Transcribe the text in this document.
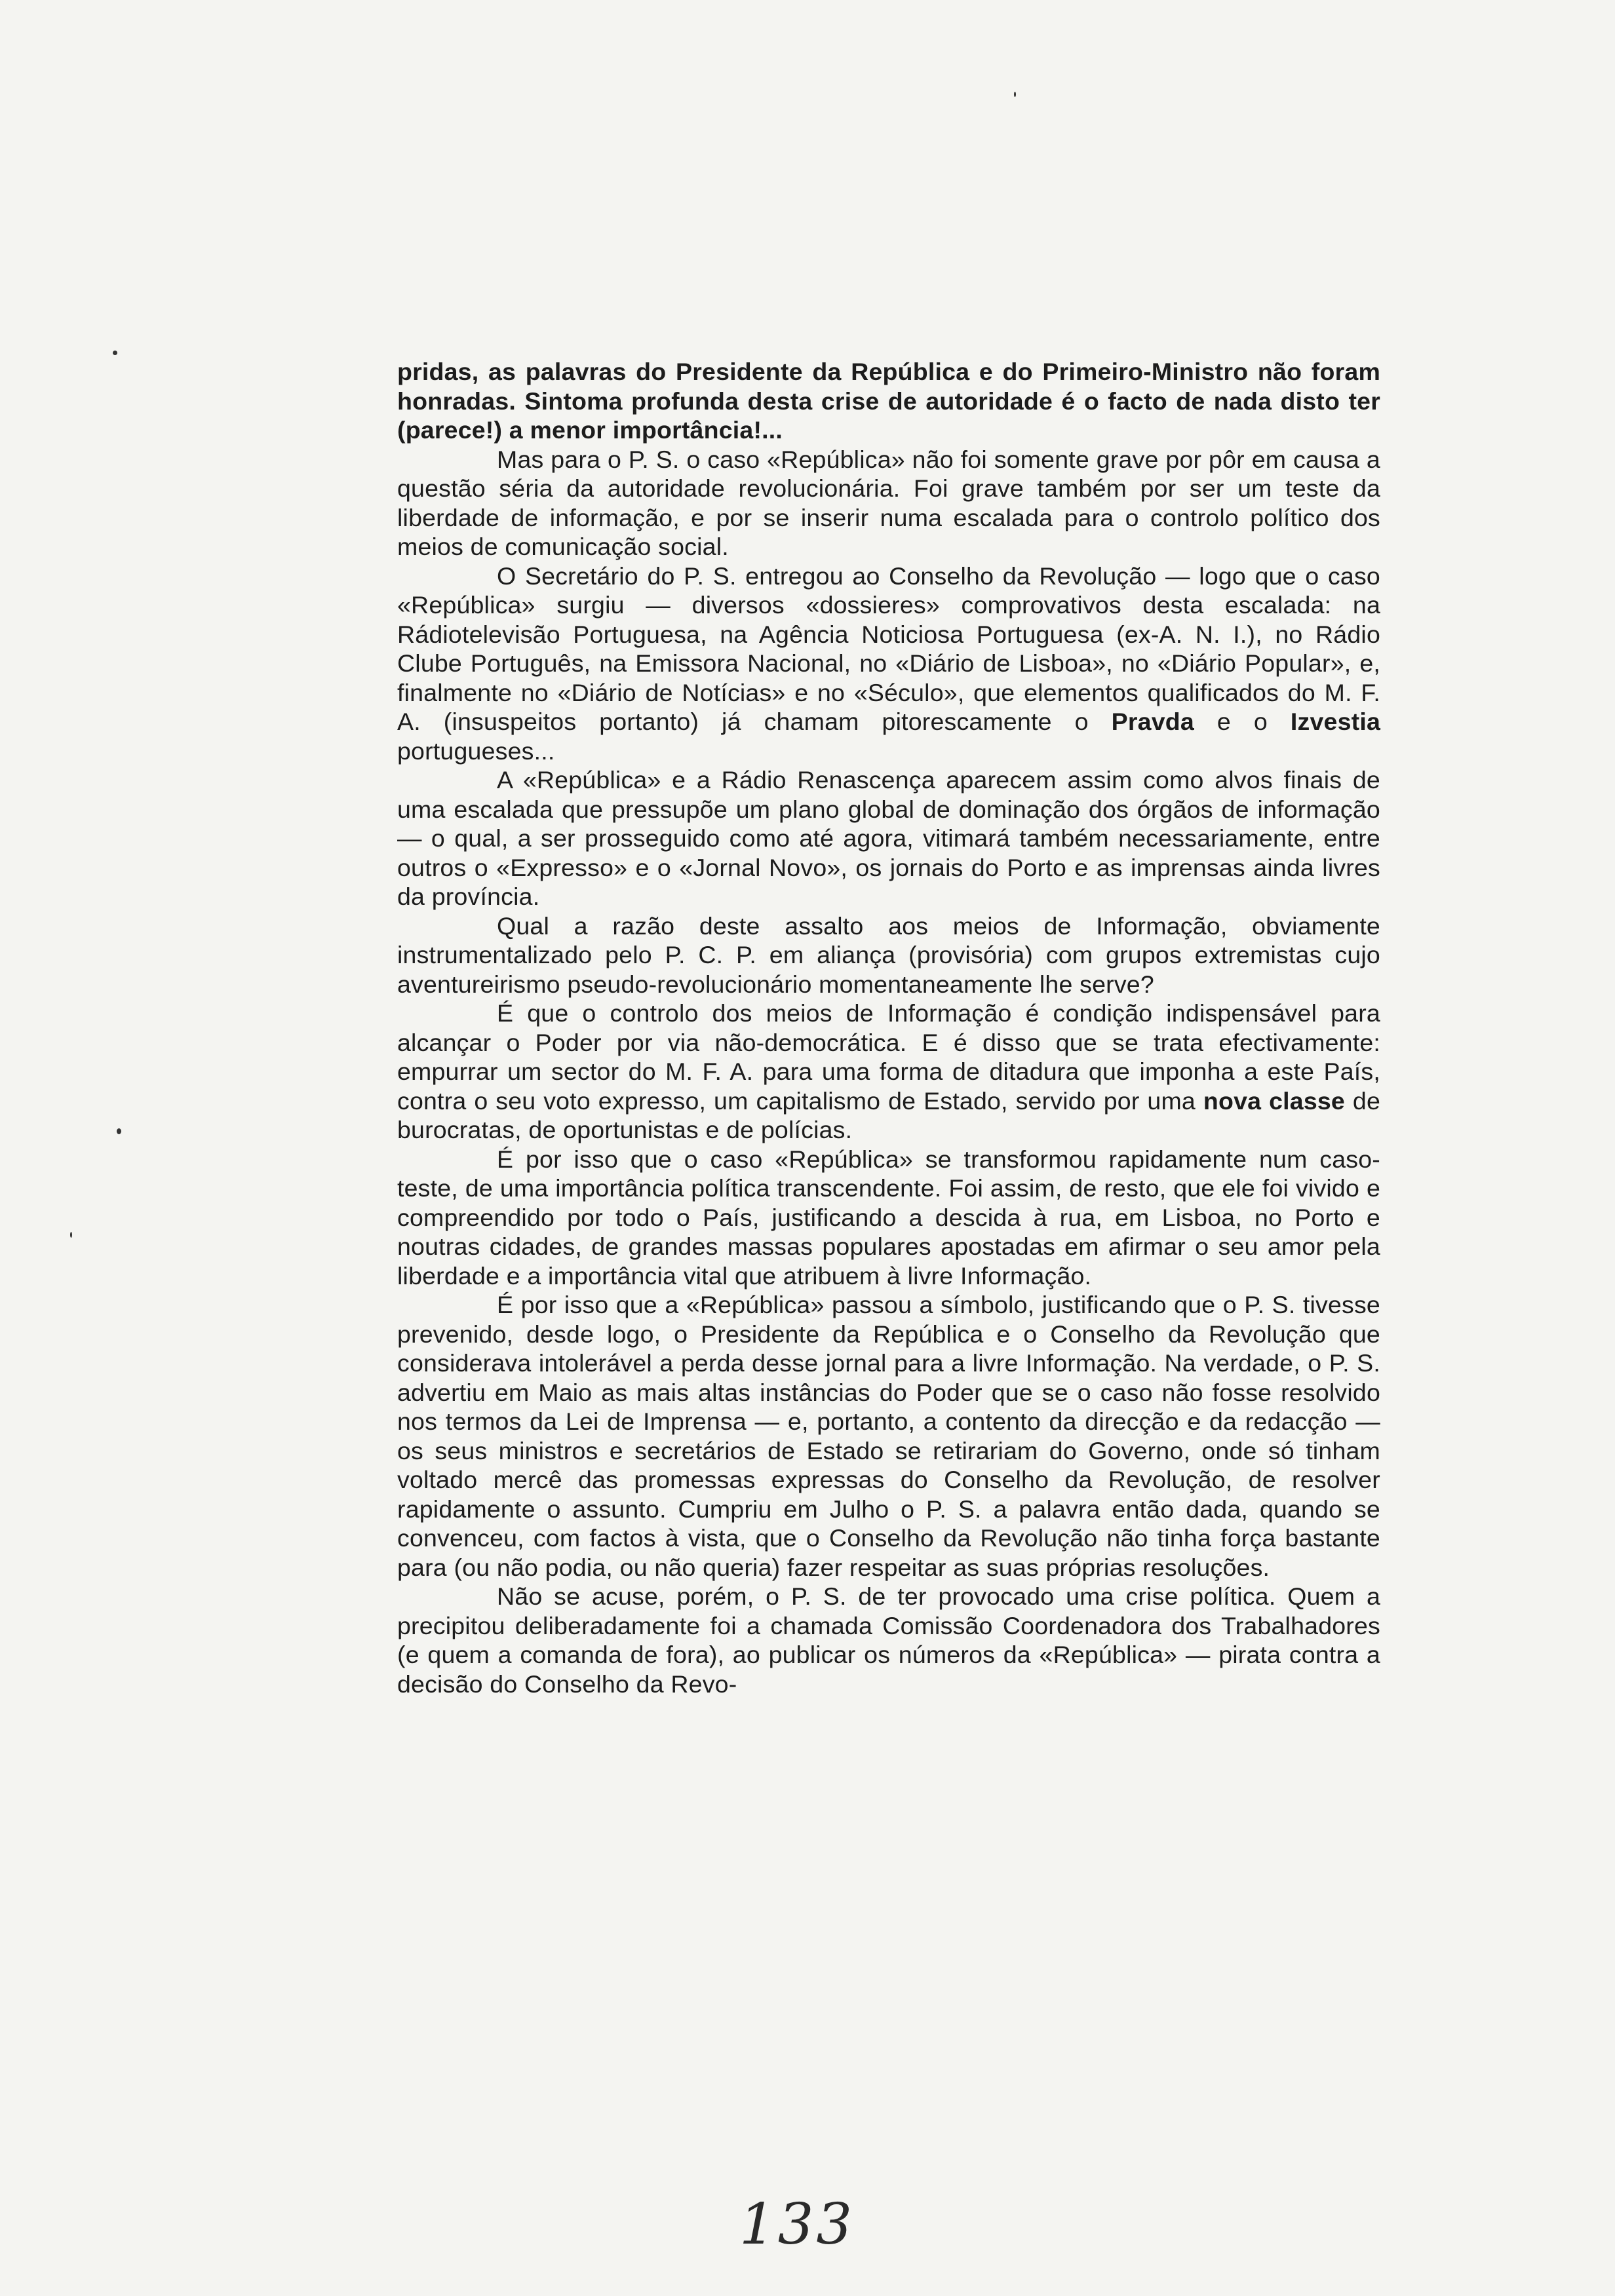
pridas, as palavras do Presidente da República e do Primeiro-Ministro não foram honradas. Sintoma profunda desta crise de autoridade é o facto de nada disto ter (parece!) a menor importância!...

Mas para o P. S. o caso «República» não foi somente grave por pôr em causa a questão séria da autoridade revolucionária. Foi grave também por ser um teste da liberdade de informação, e por se inserir numa escalada para o controlo político dos meios de comunicação social.

O Secretário do P. S. entregou ao Conselho da Revolução — logo que o caso «República» surgiu — diversos «dossieres» comprovativos desta escalada: na Rádiotelevisão Portuguesa, na Agência Noticiosa Portuguesa (ex-A. N. I.), no Rádio Clube Português, na Emissora Nacional, no «Diário de Lisboa», no «Diário Popular», e, finalmente no «Diário de Notícias» e no «Século», que elementos qualificados do M. F. A. (insuspeitos portanto) já chamam pitorescamente o Pravda e o Izvestia portugueses...

A «República» e a Rádio Renascença aparecem assim como alvos finais de uma escalada que pressupõe um plano global de dominação dos órgãos de informação — o qual, a ser prosseguido como até agora, vitimará também necessariamente, entre outros o «Expresso» e o «Jornal Novo», os jornais do Porto e as imprensas ainda livres da província.

Qual a razão deste assalto aos meios de Informação, obviamente instrumentalizado pelo P. C. P. em aliança (provisória) com grupos extremistas cujo aventureirismo pseudo-revolucionário momentaneamente lhe serve?

É que o controlo dos meios de Informação é condição indispensável para alcançar o Poder por via não-democrática. E é disso que se trata efectivamente: empurrar um sector do M. F. A. para uma forma de ditadura que imponha a este País, contra o seu voto expresso, um capitalismo de Estado, servido por uma nova classe de burocratas, de oportunistas e de polícias.

É por isso que o caso «República» se transformou rapidamente num caso-teste, de uma importância política transcendente. Foi assim, de resto, que ele foi vivido e compreendido por todo o País, justificando a descida à rua, em Lisboa, no Porto e noutras cidades, de grandes massas populares apostadas em afirmar o seu amor pela liberdade e a importância vital que atribuem à livre Informação.

É por isso que a «República» passou a símbolo, justificando que o P. S. tivesse prevenido, desde logo, o Presidente da República e o Conselho da Revolução que considerava intolerável a perda desse jornal para a livre Informação. Na verdade, o P. S. advertiu em Maio as mais altas instâncias do Poder que se o caso não fosse resolvido nos termos da Lei de Imprensa — e, portanto, a contento da direcção e da redacção — os seus ministros e secretários de Estado se retirariam do Governo, onde só tinham voltado mercê das promessas expressas do Conselho da Revolução, de resolver rapidamente o assunto. Cumpriu em Julho o P. S. a palavra então dada, quando se convenceu, com factos à vista, que o Conselho da Revolução não tinha força bastante para (ou não podia, ou não queria) fazer respeitar as suas próprias resoluções.

Não se acuse, porém, o P. S. de ter provocado uma crise política. Quem a precipitou deliberadamente foi a chamada Comissão Coordenadora dos Trabalhadores (e quem a comanda de fora), ao publicar os números da «República» — pirata contra a decisão do Conselho da Revo-

133
